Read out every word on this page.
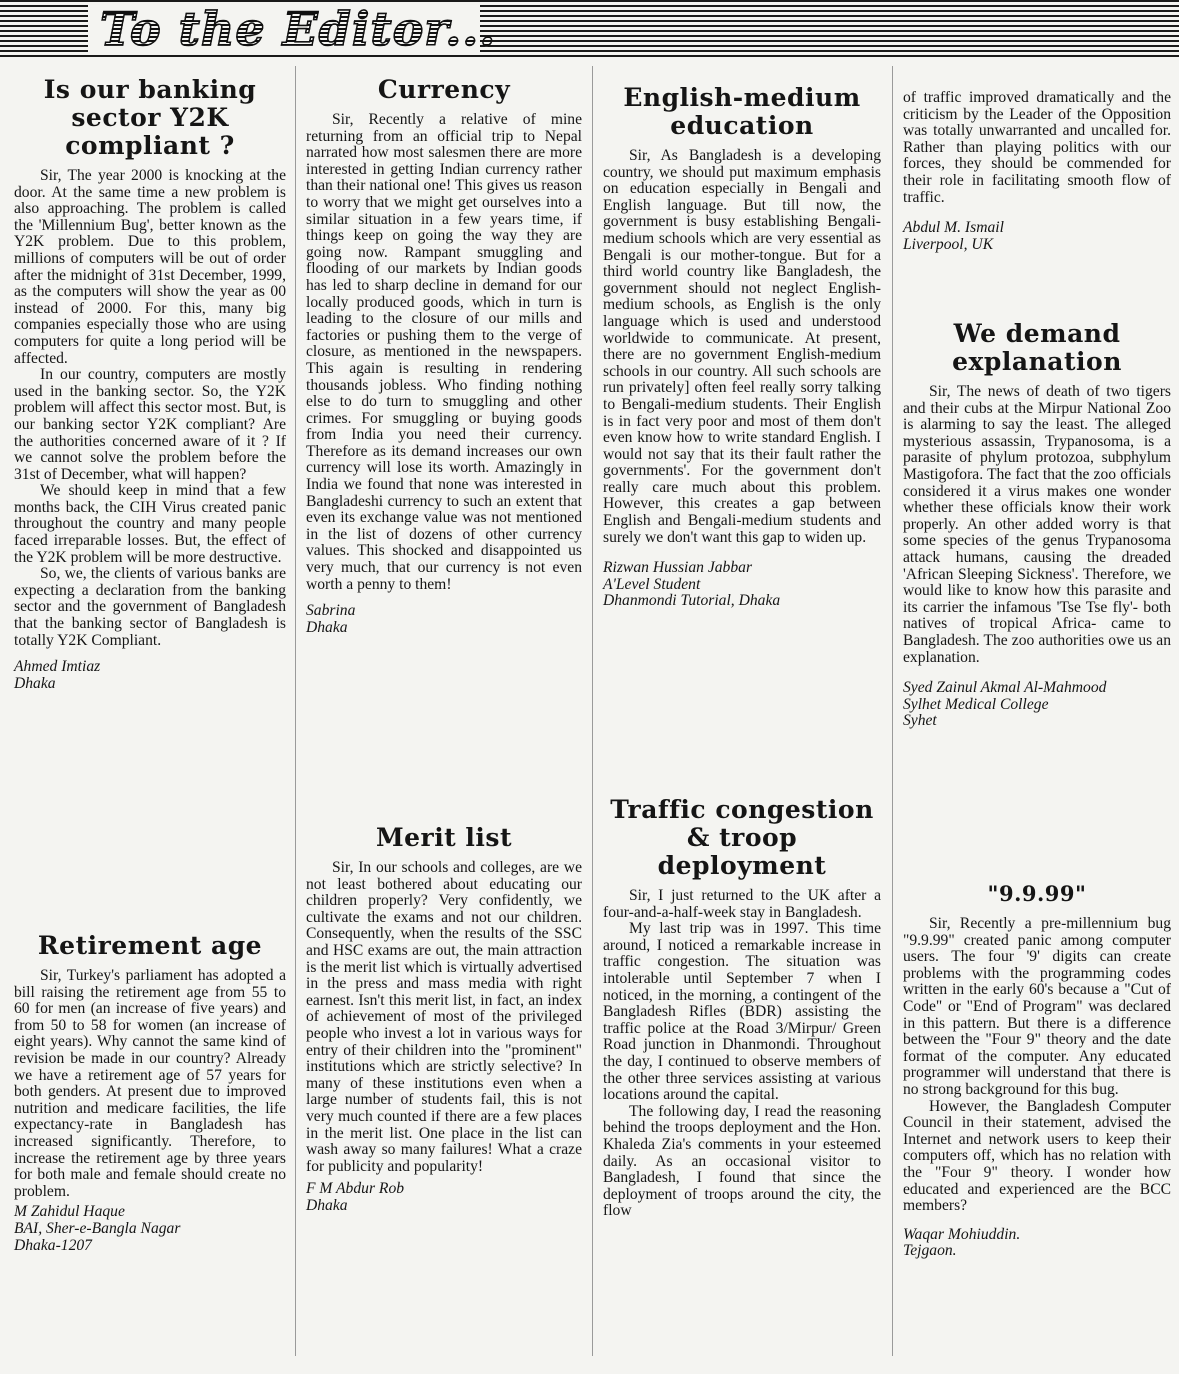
To the Editor...
Is our banking sector Y2K compliant ?

Sir, The year 2000 is knocking at the door. At the same time a new problem is also approaching. The problem is called the 'Millennium Bug', better known as the Y2K problem. Due to this problem, millions of computers will be out of order after the midnight of 31st December, 1999, as the computers will show the year as 00 instead of 2000. For this, many big companies especially those who are using computers for quite a long period will be affected.

In our country, computers are mostly used in the banking sector. So, the Y2K problem will affect this sector most. But, is our banking sector Y2K compliant? Are the authorities concerned aware of it ? If we cannot solve the problem before the 31st of December, what will happen?

We should keep in mind that a few months back, the CIH Virus created panic throughout the country and many people faced irreparable losses. But, the effect of the Y2K problem will be more destructive.

So, we, the clients of various banks are expecting a declaration from the banking sector and the government of Bangladesh that the banking sector of Bangladesh is totally Y2K Compliant.

Ahmed Imtiaz
Dhaka
Retirement age

Sir, Turkey's parliament has adopted a bill raising the retirement age from 55 to 60 for men (an increase of five years) and from 50 to 58 for women (an increase of eight years). Why cannot the same kind of revision be made in our country? Already we have a retirement age of 57 years for both genders. At present due to improved nutrition and medicare facilities, the life expectancy-rate in Bangladesh has increased significantly. Therefore, to increase the retirement age by three years for both male and female should create no problem.

M Zahidul Haque
BAI, Sher-e-Bangla Nagar
Dhaka-1207
Currency

Sir, Recently a relative of mine returning from an official trip to Nepal narrated how most salesmen there are more interested in getting Indian currency rather than their national one! This gives us reason to worry that we might get ourselves into a similar situation in a few years time, if things keep on going the way they are going now. Rampant smuggling and flooding of our markets by Indian goods has led to sharp decline in demand for our locally produced goods, which in turn is leading to the closure of our mills and factories or pushing them to the verge of closure, as mentioned in the newspapers. This again is resulting in rendering thousands jobless. Who finding nothing else to do turn to smuggling and other crimes. For smuggling or buying goods from India you need their currency. Therefore as its demand increases our own currency will lose its worth. Amazingly in India we found that none was interested in Bangladeshi currency to such an extent that even its exchange value was not mentioned in the list of dozens of other currency values. This shocked and disappointed us very much, that our currency is not even worth a penny to them!

Sabrina
Dhaka
Merit list

Sir, In our schools and colleges, are we not least bothered about educating our children properly? Very confidently, we cultivate the exams and not our children. Consequently, when the results of the SSC and HSC exams are out, the main attraction is the merit list which is virtually advertised in the press and mass media with right earnest. Isn't this merit list, in fact, an index of achievement of most of the privileged people who invest a lot in various ways for entry of their children into the "prominent" institutions which are strictly selective? In many of these institutions even when a large number of students fail, this is not very much counted if there are a few places in the merit list. One place in the list can wash away so many failures! What a craze for publicity and popularity!

F M Abdur Rob
Dhaka
English-medium education

Sir, As Bangladesh is a developing country, we should put maximum emphasis on education especially in Bengali and English language. But till now, the government is busy establishing Bengali-medium schools which are very essential as Bengali is our mother-tongue. But for a third world country like Bangladesh, the government should not neglect English-medium schools, as English is the only language which is used and understood worldwide to communicate. At present, there are no government English-medium schools in our country. All such schools are run privately] often feel really sorry talking to Bengali-medium students. Their English is in fact very poor and most of them don't even know how to write standard English. I would not say that its their fault rather the governments'. For the government don't really care much about this problem. However, this creates a gap between English and Bengali-medium students and surely we don't want this gap to widen up.

Rizwan Hussian Jabbar
A'Level Student
Dhanmondi Tutorial, Dhaka
Traffic congestion & troop deployment

Sir, I just returned to the UK after a four-and-a-half-week stay in Bangladesh.

My last trip was in 1997. This time around, I noticed a remarkable increase in traffic congestion. The situation was intolerable until September 7 when I noticed, in the morning, a contingent of the Bangladesh Rifles (BDR) assisting the traffic police at the Road 3/Mirpur/ Green Road junction in Dhanmondi. Throughout the day, I continued to observe members of the other three services assisting at various locations around the capital.

The following day, I read the reasoning behind the troops deployment and the Hon. Khaleda Zia's comments in your esteemed daily. As an occasional visitor to Bangladesh, I found that since the deployment of troops around the city, the flow

of traffic improved dramatically and the criticism by the Leader of the Opposition was totally unwarranted and uncalled for. Rather than playing politics with our forces, they should be commended for their role in facilitating smooth flow of traffic.

Abdul M. Ismail
Liverpool, UK
We demand explanation

Sir, The news of death of two tigers and their cubs at the Mirpur National Zoo is alarming to say the least. The alleged mysterious assassin, Trypanosoma, is a parasite of phylum protozoa, subphylum Mastigofora. The fact that the zoo officials considered it a virus makes one wonder whether these officials know their work properly. An other added worry is that some species of the genus Trypanosoma attack humans, causing the dreaded 'African Sleeping Sickness'. Therefore, we would like to know how this parasite and its carrier the infamous 'Tse Tse fly'- both natives of tropical Africa- came to Bangladesh. The zoo authorities owe us an explanation.

Syed Zainul Akmal Al-Mahmood
Sylhet Medical College
Syhet
"9.9.99"

Sir, Recently a pre-millennium bug "9.9.99" created panic among computer users. The four '9' digits can create problems with the programming codes written in the early 60's because a "Cut of Code" or "End of Program" was declared in this pattern. But there is a difference between the "Four 9" theory and the date format of the computer. Any educated programmer will understand that there is no strong background for this bug.

However, the Bangladesh Computer Council in their statement, advised the Internet and network users to keep their computers off, which has no relation with the "Four 9" theory. I wonder how educated and experienced are the BCC members?

Waqar Mohiuddin.
Tejgaon.
